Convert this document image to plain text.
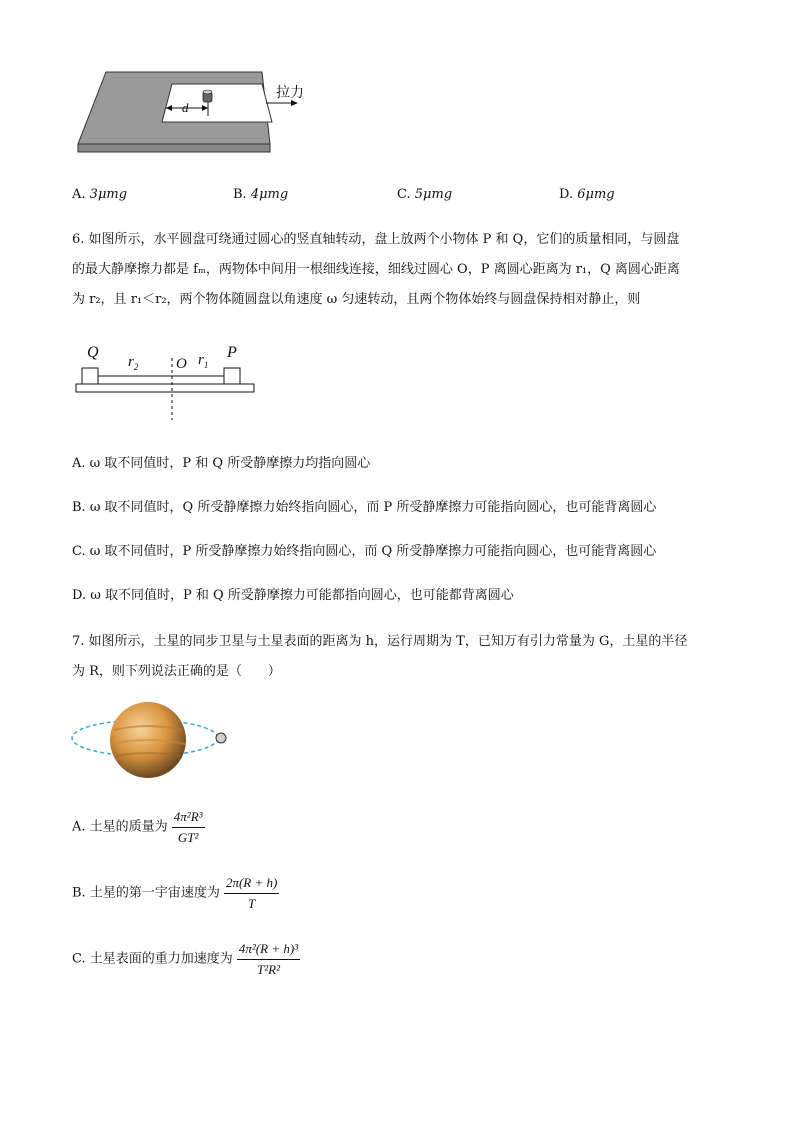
拉力
d
A. 3μmg	B. 4μmg	C. 5μmg	D. 6μmg
6. 如图所示，水平圆盘可绕通过圆心的竖直轴转动，盘上放两个小物体 P 和 Q，它们的质量相同，与圆盘
的最大静摩擦力都是 fₘ，两物体中间用一根细线连接，细线过圆心 O，P 离圆心距离为 r₁，Q 离圆心距离
为 r₂，且 r₁＜r₂，两个物体随圆盘以角速度 ω 匀速转动，且两个物体始终与圆盘保持相对静止，则
Q
$r_2$	O $r_1$
P
A. ω 取不同值时，P 和 Q 所受静摩擦力均指向圆心
B. ω 取不同值时，Q 所受静摩擦力始终指向圆心，而 P 所受静摩擦力可能指向圆心，也可能背离圆心
C. ω 取不同值时，P 所受静摩擦力始终指向圆心，而 Q 所受静摩擦力可能指向圆心，也可能背离圆心
D. ω 取不同值时，P 和 Q 所受静摩擦力可能都指向圆心，也可能都背离圆心
7. 如图所示，土星的同步卫星与土星表面的距离为 h，运行周期为 T，已知万有引力常量为 G，土星的半径
为 R，则下列说法正确的是（　　）
A. 土星的质量为 $\frac{\text{4π²R³}}{\text{GT²}}$
B. 土星的第一宇宙速度为 $\frac{2\pi(R + h)}{T}$
C. 土星表面的重力加速度为 $\frac{\text{4π²(R + h)³}}{\text{T²R²}}$
